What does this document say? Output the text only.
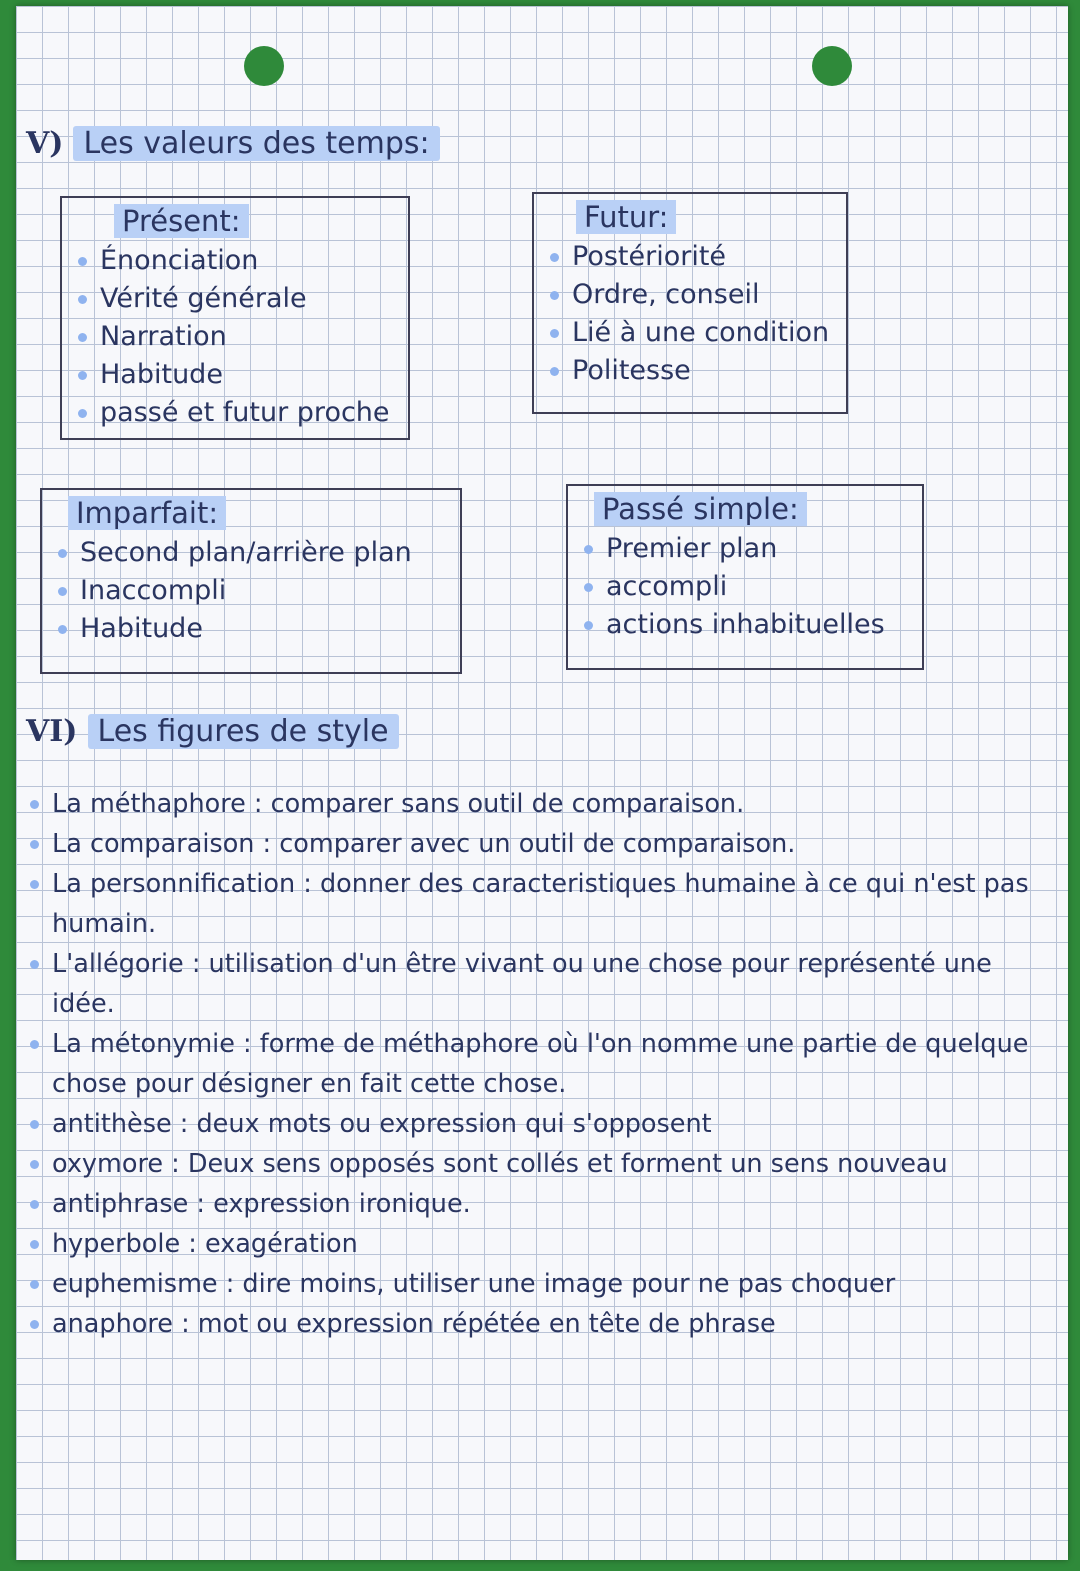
V) Les valeurs des temps:
Présent:
Énonciation
Vérité générale
Narration
Habitude
passé et futur proche
Futur:
Postériorité
Ordre, conseil
Lié à une condition
Politesse
Imparfait:
Second plan/arrière plan
Inaccompli
Habitude
Passé simple:
Premier plan
accompli
actions inhabituelles
VI) Les figures de style
La méthaphore : comparer sans outil de comparaison.
La comparaison : comparer avec un outil de comparaison.
La personnification : donner des caracteristiques humaine à ce qui n'est pas humain.
L'allégorie : utilisation d'un être vivant ou une chose pour représenté une idée.
La métonymie : forme de méthaphore où l'on nomme une partie de quelque chose pour désigner en fait cette chose.
antithèse : deux mots ou expression qui s'opposent
oxymore : Deux sens opposés sont collés et forment un sens nouveau
antiphrase : expression ironique.
hyperbole : exagération
euphemisme : dire moins, utiliser une image pour ne pas choquer
anaphore : mot ou expression répétée en tête de phrase
